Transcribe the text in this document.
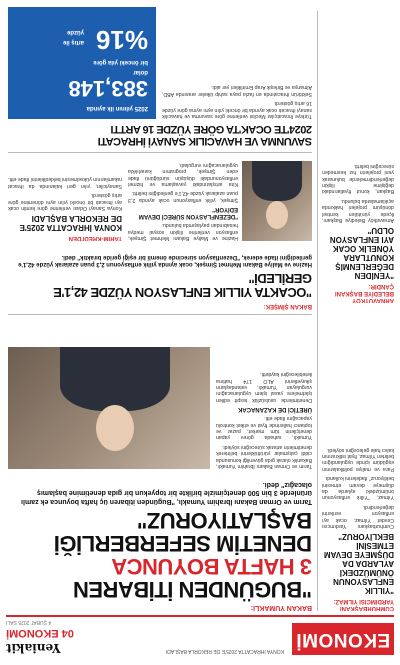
EKONOMİ
KONYA İHRACATTA 2025'E DE REKORLA BAŞLADI
Yeniakit
04 EKONOMİ
4 ŞUBAT 2025 SALI
CUMHURBAŞKANI YARDIMCISI YILMAZ:
"YILLIK ENFLASYONUN ÖNÜMÜZDEKİ AYLARDA DA DÜŞMEYE DEVAM ETMESİNİ BEKLİYORUZ"

Cumhurbaşkanı Yardımcısı Cevdet Yılmaz, ocak ayı enflasyon verilerini değerlendirdi.

Yılmaz, "Yıllık enflasyonun önümüzdeki aylarda da düşmeye devam etmesini bekliyoruz" ifadelerini kullandı.

Para ve maliye politikalarının eşgüdüm içinde uygulandığını belirten Yılmaz, fiyat istikrarının kalıcı hale geleceğini söyledi.

ARNAVUTKÖY BELEDİYE BAŞKANI ÇANDIR:
"YENİDEN DEĞERLENMİŞ KONUTLARA YÖNELİK OCAK AYI ENFLASYON OLDU"

Arnavutköy Belediye Başkanı, ilçede yürütülen kentsel dönüşüm projeleri hakkında açıklamalarda bulundu.

Başkan, konut fiyatlarındaki değişime ilişkin değerlendirmelerde bulunarak yeni projelerin hız kesmeden süreceğini belirtti.

BAKAN YUMAKLI:
"BUGÜNDEN İTİBAREN
3 HAFTA BOYUNCA
DENETİM SEFERBERLİĞİ
BAŞLATIYORUZ"
Tarım ve Orman Bakanı İbrahim Yumaklı, "Bugünden itibaren üç hafta boyunca ek zamlı ürünlerde 3 bin 500 denetçimizle birlikte bir topyekun bir gıda denetimine başlamış olacağız" dedi.

Tarım ve Orman Bakanı İbrahim Yumaklı, Bakanlık olarak gıda güvenliği konusunda ciddi çalışmalar yürüttüklerini belirterek denetimlerin artarak süreceğini söyledi.

Yumaklı, sahada görev yapan denetçilerin tüm market, pazar ve toptancı hallerinde fiyat ve etiket kontrolü yapacağını ifade etti.

ÜRETİCİ DE KAZANACAK

Denetimlerde usulsüzlük tespit edilen işletmelere yasal işlem uygulanacağını vurgulayan Yumaklı, vatandaşların şikayetlerini ALO 174 hattına iletebileceğini kaydetti.

BAKAN ŞİMŞEK:
"OCAKTA YILLIK ENFLASYON YÜZDE 42,1'E GERİLEDİ"
Hazine ve Maliye Bakanı Mehmet Şimşek, ocak ayında yıllık enflasyonun 2,3 puan azalarak yüzde 42,1'e gerilediğini ifade ederek, "Dezenflasyon sürecinde önemli bir eşiği geride bıraktık" dedi.

Hazine ve Maliye Bakanı Mehmet Şimşek, enflasyon verilerine ilişkin sosyal medya hesabından paylaşımda bulundu.

"DEZENFLASYON SÜRECİ DEVAM EDİYOR"

Şimşek, yıllık enflasyonun ocak ayında 2,3 puan azalarak yüzde 42,1'e gerilediğini belirtti.

Kira artışlarındaki yavaşlama ve hizmet enflasyonundaki düşüşün sürdüğünü ifade eden Şimşek, programın kararlılıkla uygulanacağını vurguladı.

TARIM-KREDİ'DEN
KONYA İHRACATTA 2025'E DE REKORLA BAŞLADI

Konya Sanayi Odası verilerine göre kentin ocak ayı ihracatı bir önceki yılın aynı dönemine göre artış gösterdi.

Sanayiciler, yılın geri kalanında da ihracat rakamlarının yükselmesini beklediklerini ifade etti.

SAVUNMA VE HAVACILIK SANAYİ İHRACATI
2024'TE OCAK'TA GÖRE YÜZDE 16 ARTTI

Türkiye İhracatçılar Meclisi verilerine göre savunma ve havacılık sanayi ihracatı ocak ayında bir önceki yılın aynı ayına göre yüzde 16 artış gösterdi.

Sektörün ihracatında en fazla paya sahip ülkeler arasında ABD, Almanya ve Birleşik Arap Emirlikleri yer aldı.

2025 yılının ilk ayında
383,148
dolar
bir önceki yıla göre
%16
artış ile
yüzde
